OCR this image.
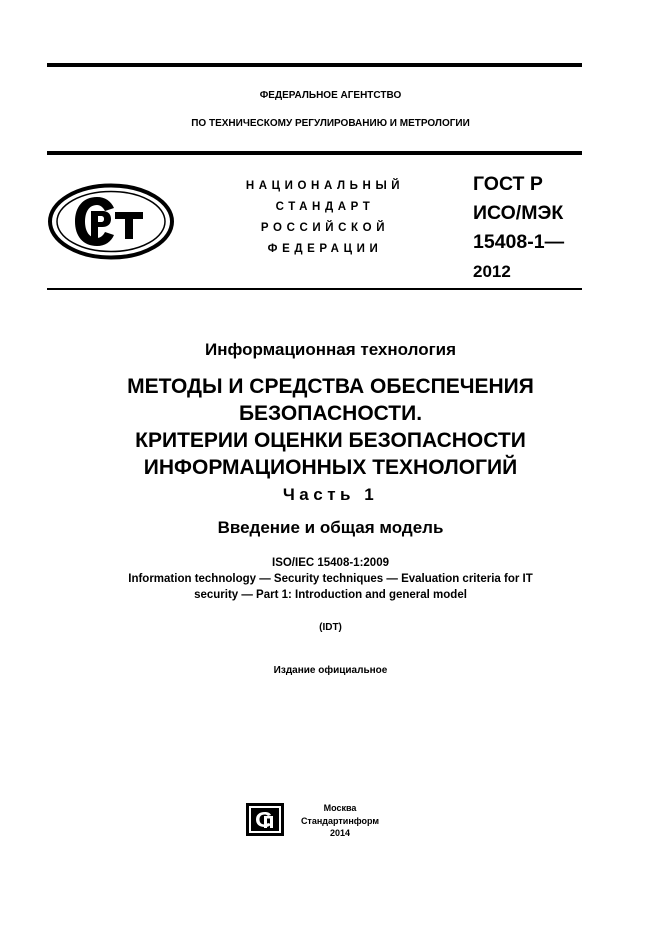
ФЕДЕРАЛЬНОЕ АГЕНТСТВО
ПО ТЕХНИЧЕСКОМУ РЕГУЛИРОВАНИЮ И МЕТРОЛОГИИ
НАЦИОНАЛЬНЫЙ
СТАНДАРТ
РОССИЙСКОЙ
ФЕДЕРАЦИИ
ГОСТ Р
ИСО/МЭК
15408-1—
2012
Информационная технология
МЕТОДЫ И СРЕДСТВА ОБЕСПЕЧЕНИЯ
БЕЗОПАСНОСТИ.
КРИТЕРИИ ОЦЕНКИ БЕЗОПАСНОСТИ
ИНФОРМАЦИОННЫХ ТЕХНОЛОГИЙ
Часть 1
Введение и общая модель
ISO/IEC 15408-1:2009
Information technology — Security techniques — Evaluation criteria for IT
security — Part 1: Introduction and general model
(IDT)
Издание официальное
Москва
Стандартинформ
2014
